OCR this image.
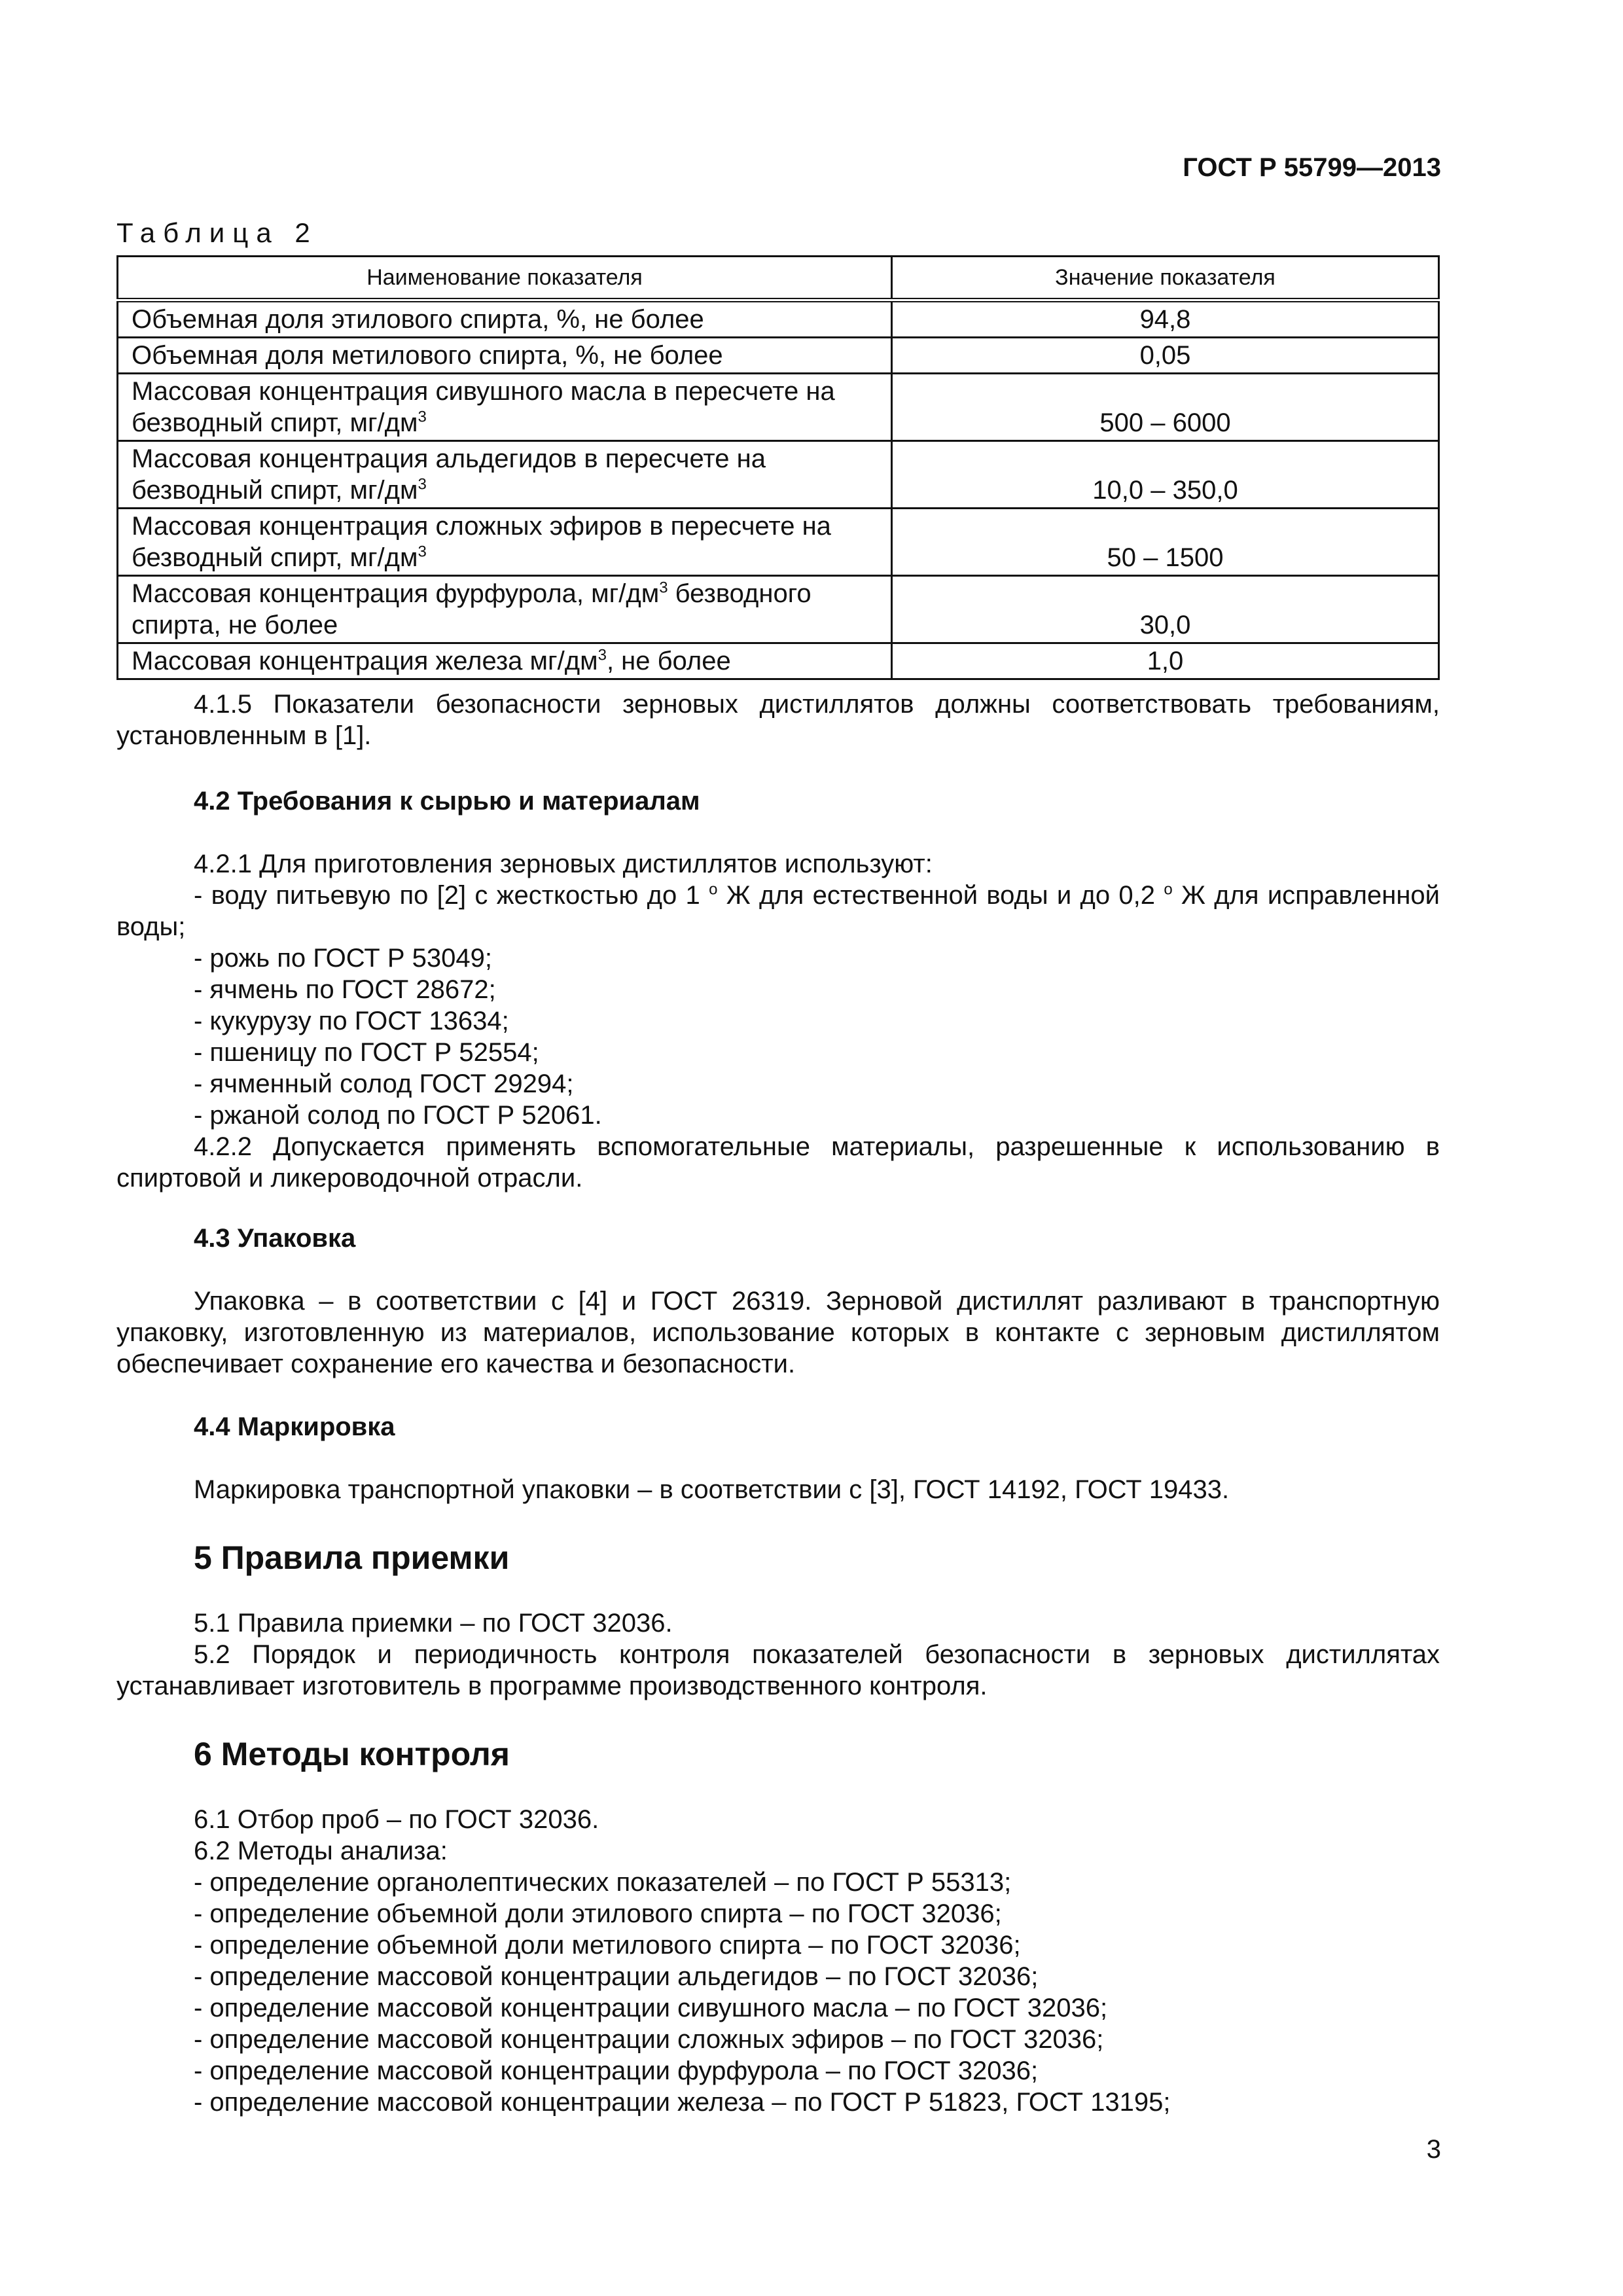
ГОСТ Р 55799—2013
Таблица 2
Наименование показателя	Значение показателя
Объемная доля этилового спирта, %, не более	94,8
Объемная доля метилового спирта, %, не более	0,05
Массовая концентрация сивушного масла в пересчете на безводный спирт, $мг/дм^3$	500 – 6000
Массовая концентрация альдегидов в пересчете на безводный спирт, $мг/дм^3$	10,0 – 350,0
Массовая концентрация сложных эфиров в пересчете на безводный спирт, $мг/дм^3$	50 – 1500
Массовая концентрация фурфурола, $мг/дм^3$ безводного спирта, не более	30,0
Массовая концентрация железа $мг/дм^3$, не более	1,0

4.1.5 Показатели безопасности зерновых дистиллятов должны соответствовать требованиям, установленным в [1].

4.2 Требования к сырью и материалам

4.2.1 Для приготовления зерновых дистиллятов используют:

- воду питьевую по [2] с жесткостью до 1 $^o$ Ж для естественной воды и до 0,2 $^o$ Ж для исправленной воды;

- рожь по ГОСТ Р 53049;

- ячмень по ГОСТ 28672;

- кукурузу по ГОСТ 13634;

- пшеницу по ГОСТ Р 52554;

- ячменный солод ГОСТ 29294;

- ржаной солод по ГОСТ Р 52061.

4.2.2 Допускается применять вспомогательные материалы, разрешенные к использованию в спиртовой и ликероводочной отрасли.

4.3 Упаковка

Упаковка – в соответствии с [4] и ГОСТ 26319. Зерновой дистиллят разливают в транспортную упаковку, изготовленную из материалов, использование которых в контакте с зерновым дистиллятом обеспечивает сохранение его качества и безопасности.

4.4 Маркировка

Маркировка транспортной упаковки – в соответствии с [3], ГОСТ 14192, ГОСТ 19433.

5 Правила приемки

5.1 Правила приемки – по ГОСТ 32036.

5.2 Порядок и периодичность контроля показателей безопасности в зерновых дистиллятах устанавливает изготовитель в программе производственного контроля.

6 Методы контроля

6.1 Отбор проб – по ГОСТ 32036.

6.2 Методы анализа:

- определение органолептических показателей – по ГОСТ Р 55313;

- определение объемной доли этилового спирта – по ГОСТ 32036;

- определение объемной доли метилового спирта – по ГОСТ 32036;

- определение массовой концентрации альдегидов – по ГОСТ 32036;

- определение массовой концентрации сивушного масла – по ГОСТ 32036;

- определение массовой концентрации сложных эфиров – по ГОСТ 32036;

- определение массовой концентрации фурфурола – по ГОСТ 32036;

- определение массовой концентрации железа – по ГОСТ Р 51823, ГОСТ 13195;

3
